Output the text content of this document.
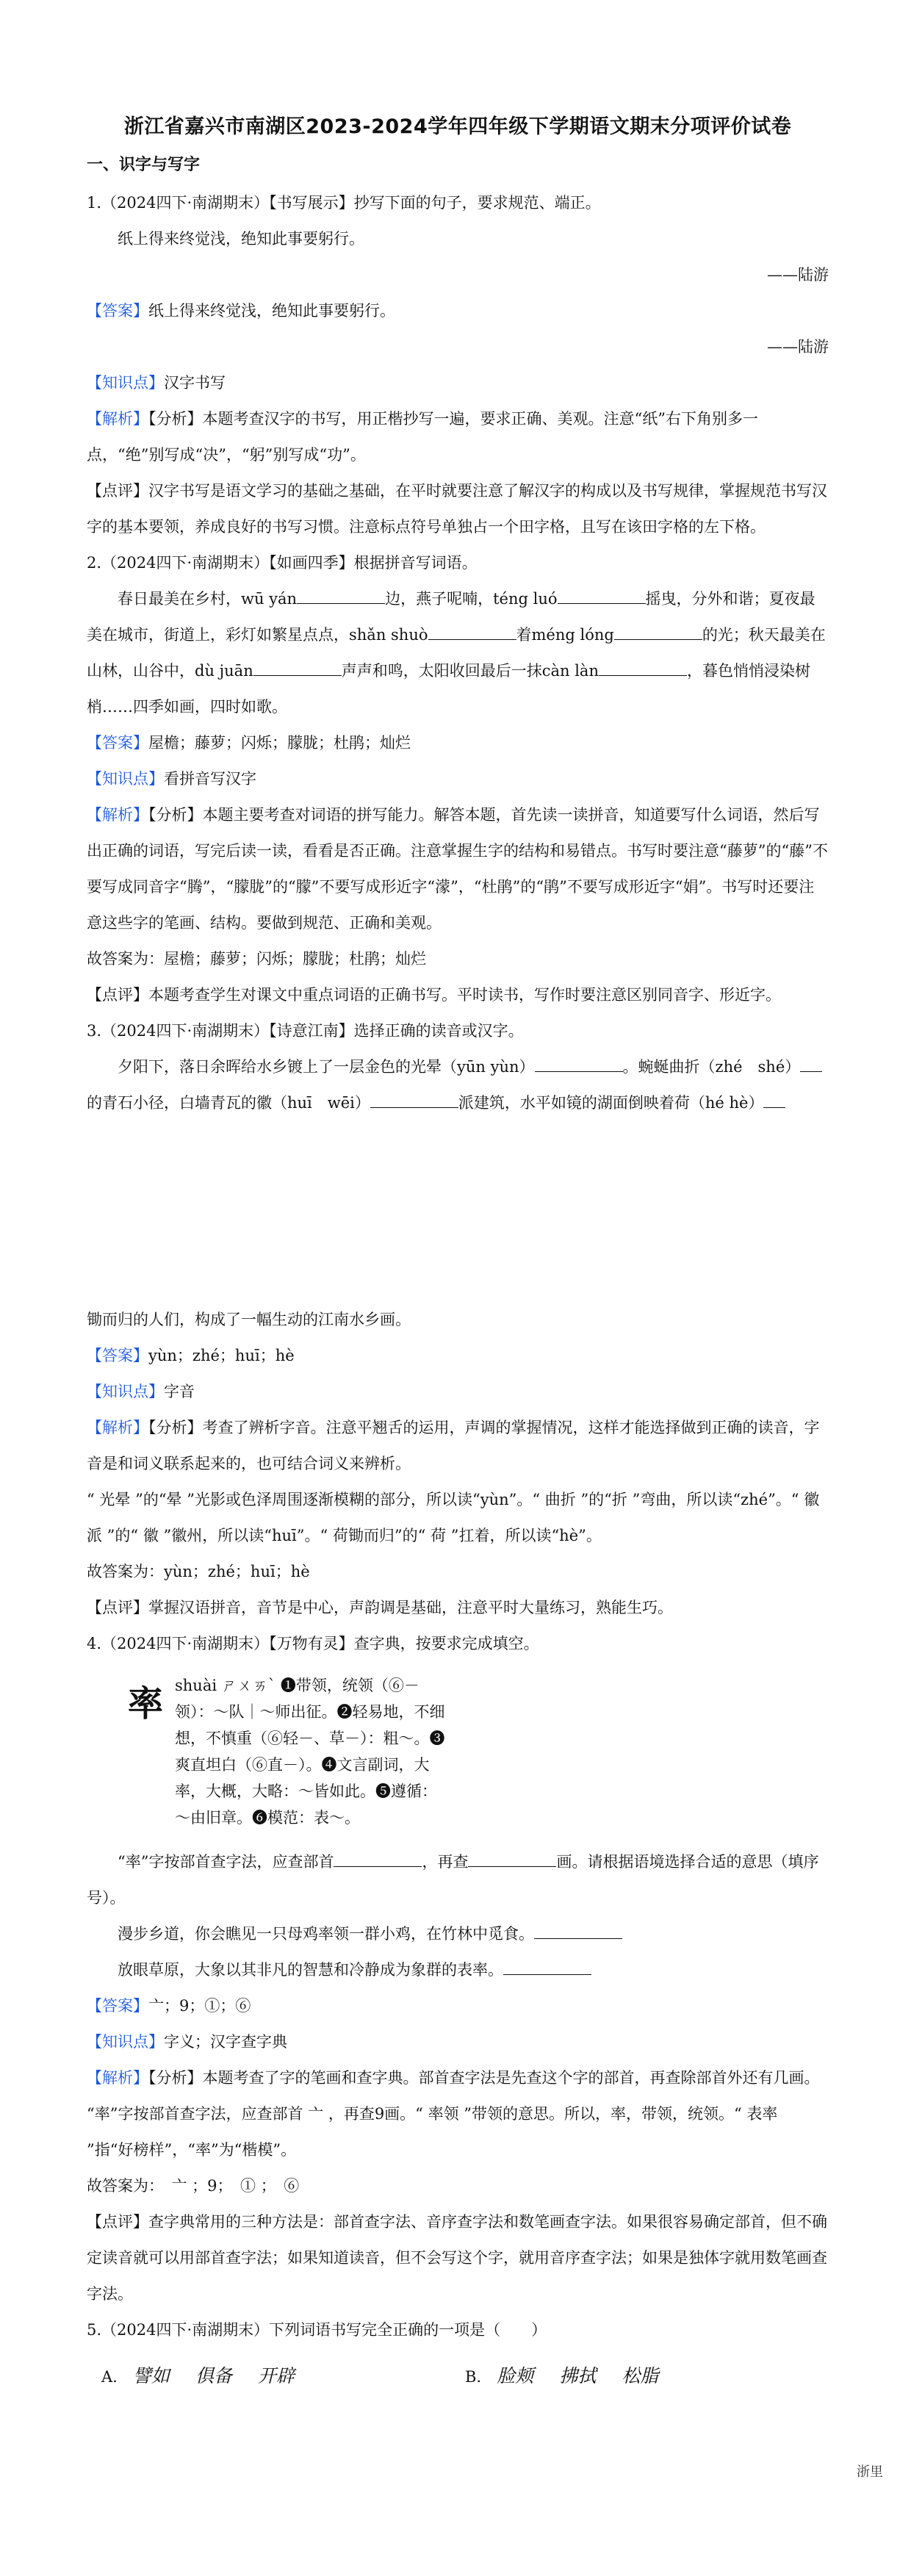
浙江省嘉兴市南湖区2023-2024学年四年级下学期语文期末分项评价试卷
一、识字与写字

1.（2024四下·南湖期末）【书写展示】抄写下面的句子，要求规范、端正。

纸上得来终觉浅，绝知此事要躬行。

——陆游

【答案】纸上得来终觉浅，绝知此事要躬行。

——陆游

【知识点】汉字书写

【解析】【分析】本题考查汉字的书写，用正楷抄写一遍，要求正确、美观。注意“纸”右下角别多一点，“绝”别写成“决”，“躬”别写成“功”。

【点评】汉字书写是语文学习的基础之基础，在平时就要注意了解汉字的构成以及书写规律，掌握规范书写汉字的基本要领，养成良好的书写习惯。注意标点符号单独占一个田字格，且写在该田字格的左下格。

2.（2024四下·南湖期末）【如画四季】根据拼音写词语。

春日最美在乡村，wū yán	边，燕子呢喃，téng luó	摇曳，分外和谐；夏夜最美在城市，街道上，彩灯如繁星点点，shǎn shuò	着méng lóng	的光；秋天最美在山林，山谷中，dù juān	声声和鸣，太阳收回最后一抹càn làn	，暮色悄悄浸染树梢……四季如画，四时如歌。

【答案】屋檐；藤萝；闪烁；朦胧；杜鹃；灿烂

【知识点】看拼音写汉字

【解析】【分析】本题主要考查对词语的拼写能力。解答本题，首先读一读拼音，知道要写什么词语，然后写出正确的词语，写完后读一读，看看是否正确。注意掌握生字的结构和易错点。书写时要注意“藤萝”的“藤”不要写成同音字“腾”，“朦胧”的“朦”不要写成形近字“濛”，“杜鹃”的“鹃”不要写成形近字“娟”。书写时还要注意这些字的笔画、结构。要做到规范、正确和美观。

故答案为：屋檐；藤萝；闪烁；朦胧；杜鹃；灿烂

【点评】本题考查学生对课文中重点词语的正确书写。平时读书，写作时要注意区别同音字、形近字。

3.（2024四下·南湖期末）【诗意江南】选择正确的读音或汉字。

夕阳下，落日余晖给水乡镀上了一层金色的光晕（yūn yùn）	。蜿蜒曲折（zhé　shé）的青石小径，白墙青瓦的徽（huī　wēi）	派建筑，水平如镜的湖面倒映着荷（hé hè）

锄而归的人们，构成了一幅生动的江南水乡画。

【答案】yùn；zhé；huī；hè

【知识点】字音

【解析】【分析】考查了辨析字音。注意平翘舌的运用，声调的掌握情况，这样才能选择做到正确的读音，字音是和词义联系起来的，也可结合词义来辨析。

“ 光晕 ”的“晕 ”光影或色泽周围逐渐模糊的部分，所以读“yùn”。“ 曲折 ”的“折 ”弯曲，所以读“zhé”。“ 徽派 ”的“ 徽 ”徽州，所以读“huī”。“ 荷锄而归”的“ 荷 ”扛着，所以读“hè”。

故答案为：yùn；zhé；huī；hè

【点评】掌握汉语拼音，音节是中心，声韵调是基础，注意平时大量练习，熟能生巧。

4.（2024四下·南湖期末）【万物有灵】查字典，按要求完成填空。

率 shuài ㄕㄨㄞˋ ❶带领，统领（⑥－领）：～队｜～师出征。❷轻易地，不细想，不慎重（⑥轻－、草－）：粗～。❸爽直坦白（⑥直－）。❹文言副词，大率，大概，大略：～皆如此。❺遵循：～由旧章。❻模范：表～。

“率”字按部首查字法，应查部首	，再查	画。请根据语境选择合适的意思（填序号）。

漫步乡道，你会瞧见一只母鸡率领一群小鸡，在竹林中觅食。

放眼草原，大象以其非凡的智慧和冷静成为象群的表率。

【答案】亠；9；①；⑥

【知识点】字义；汉字查字典

【解析】【分析】本题考查了字的笔画和查字典。部首查字法是先查这个字的部首，再查除部首外还有几画。

“率”字按部首查字法，应查部首 亠 ，再查9画。“ 率领 ”带领的意思。所以，率，带领，统领。“ 表率 ”指“好榜样”，“率”为“楷模”。

故答案为：　亠 ；9；　① ；　⑥

【点评】查字典常用的三种方法是：部首查字法、音序查字法和数笔画查字法。如果很容易确定部首，但不确定读音就可以用部首查字法；如果知道读音，但不会写这个字，就用音序查字法；如果是独体字就用数笔画查字法。

5.（2024四下·南湖期末）下列词语书写完全正确的一项是（　　）

A. 譬如 俱备 开辟	B. 脸颊 拂拭 松脂
浙里
